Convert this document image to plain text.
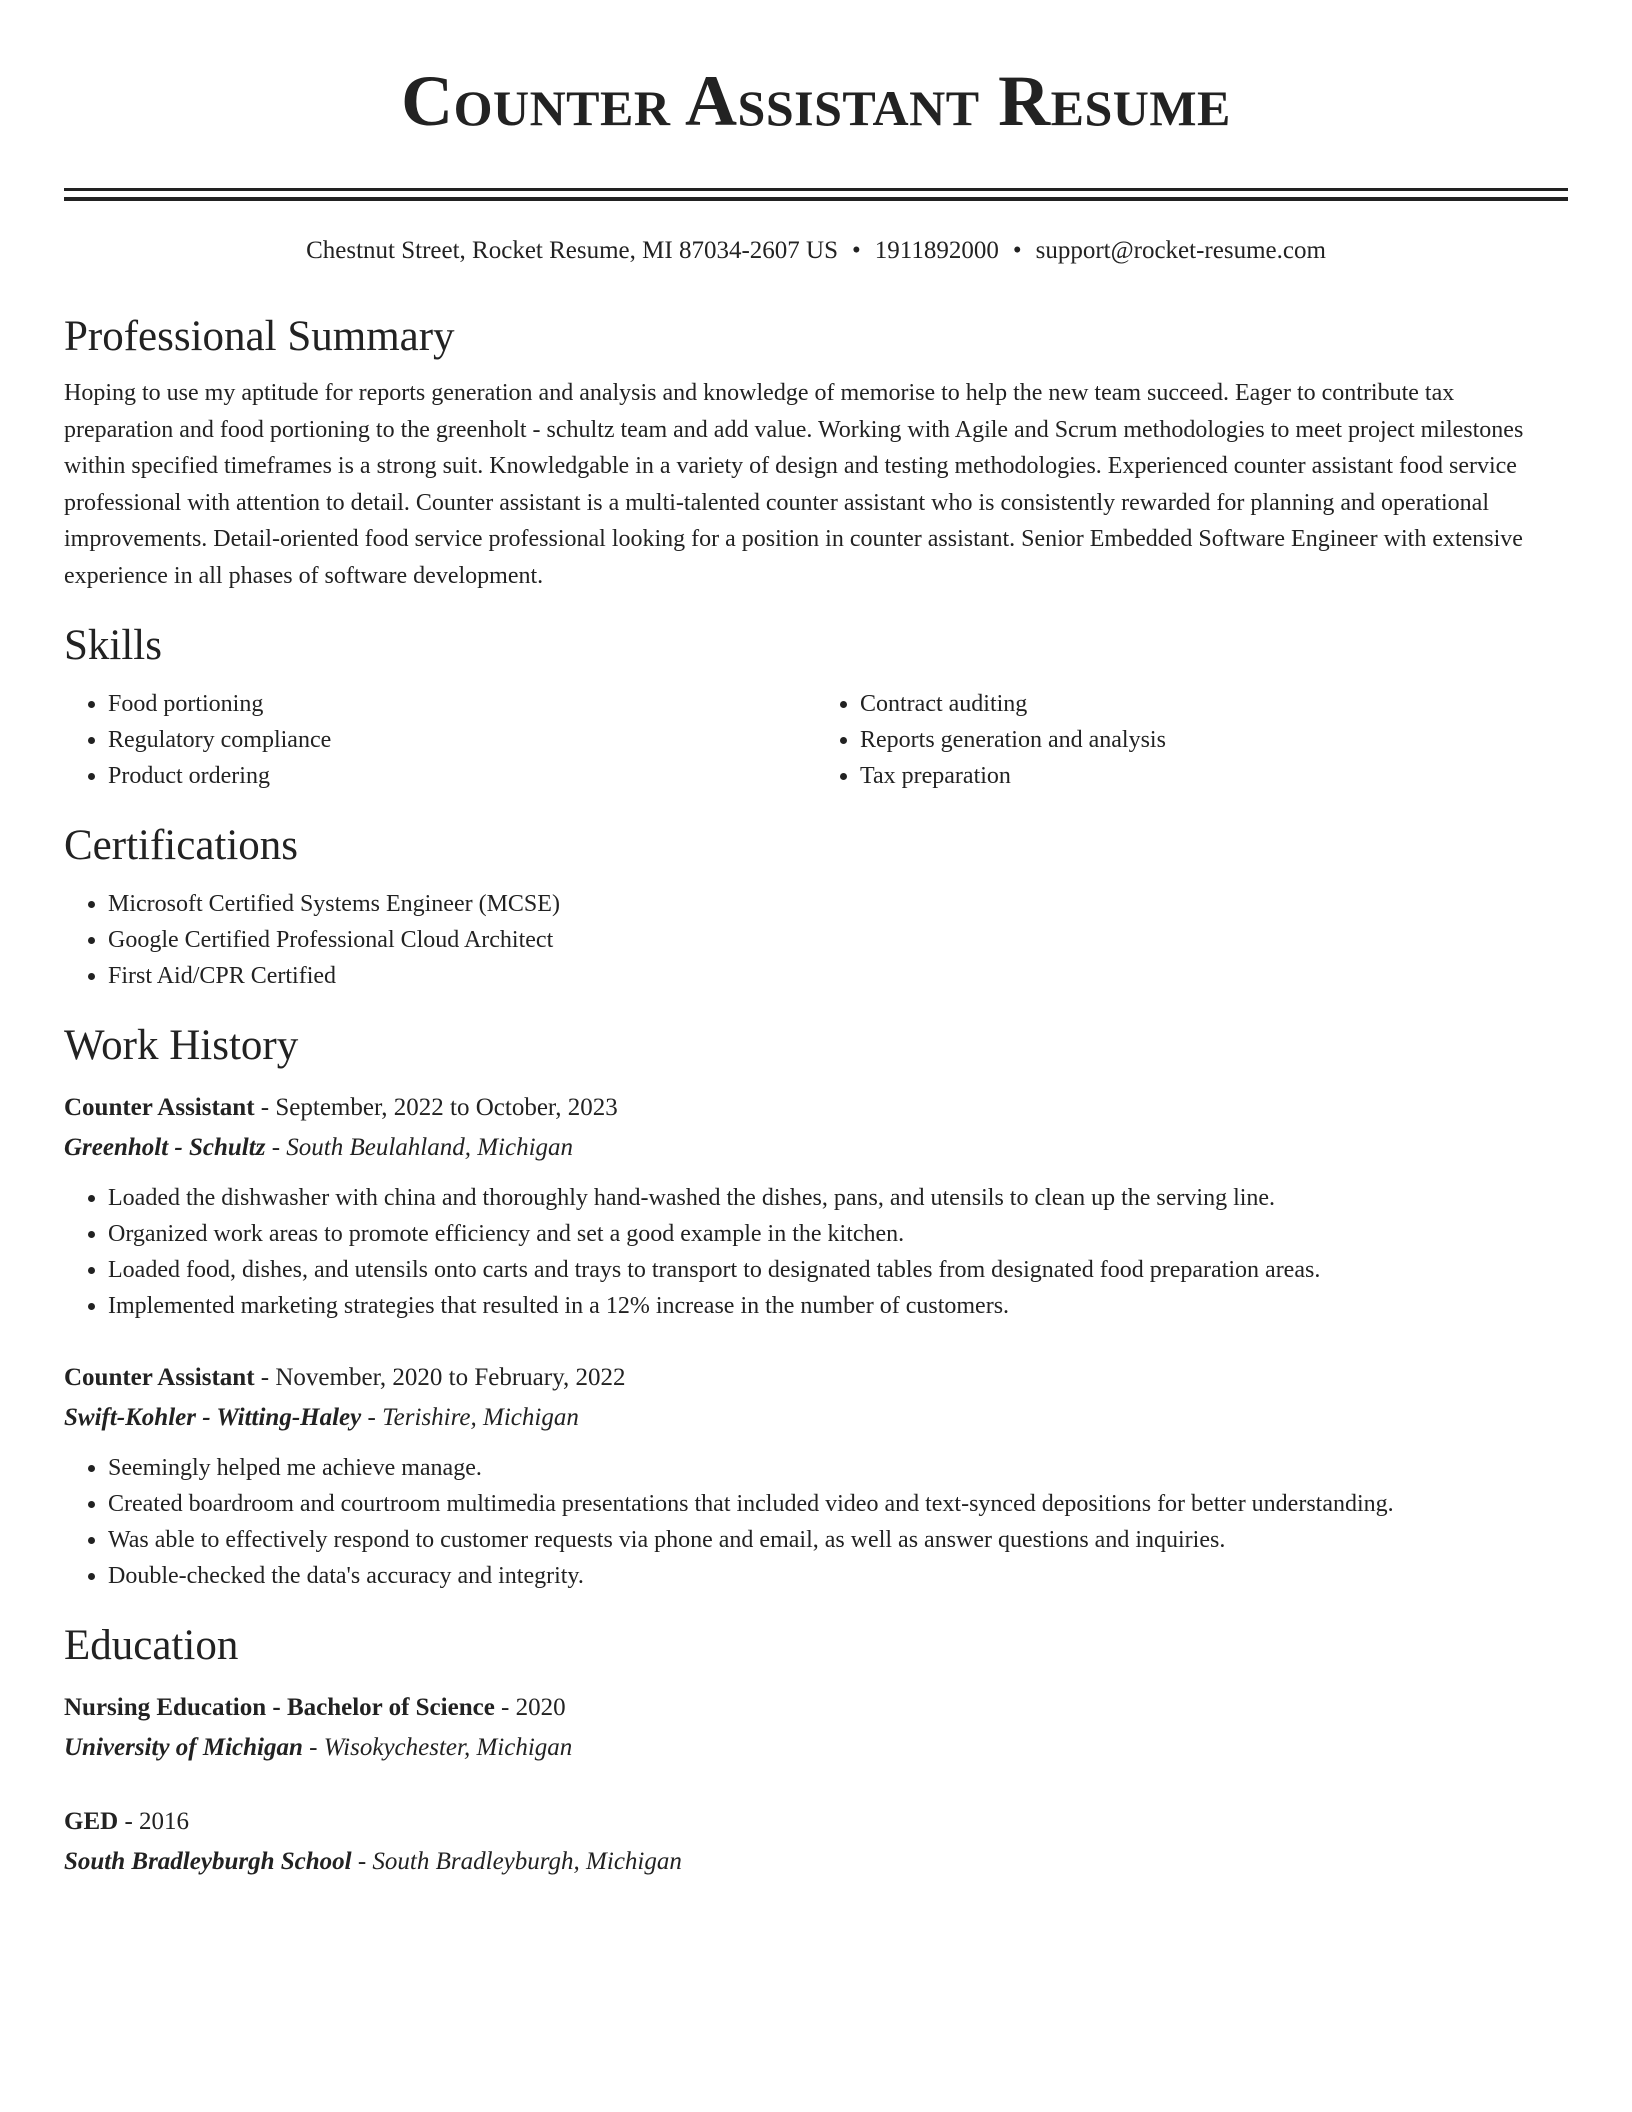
Counter Assistant Resume
Chestnut Street, Rocket Resume, MI 87034-2607 US • 1911892000 • support@rocket-resume.com
Professional Summary

Hoping to use my aptitude for reports generation and analysis and knowledge of memorise to help the new team succeed. Eager to contribute tax preparation and food portioning to the greenholt - schultz team and add value. Working with Agile and Scrum methodologies to meet project milestones within specified timeframes is a strong suit. Knowledgable in a variety of design and testing methodologies. Experienced counter assistant food service professional with attention to detail. Counter assistant is a multi-talented counter assistant who is consistently rewarded for planning and operational improvements. Detail-oriented food service professional looking for a position in counter assistant. Senior Embedded Software Engineer with extensive experience in all phases of software development.

Skills
• Food portioning
• Regulatory compliance
• Product ordering
• Contract auditing
• Reports generation and analysis
• Tax preparation
Certifications
• Microsoft Certified Systems Engineer (MCSE)
• Google Certified Professional Cloud Architect
• First Aid/CPR Certified
Work History
Counter Assistant - September, 2022 to October, 2023
Greenholt - Schultz - South Beulahland, Michigan
• Loaded the dishwasher with china and thoroughly hand-washed the dishes, pans, and utensils to clean up the serving line.
• Organized work areas to promote efficiency and set a good example in the kitchen.
• Loaded food, dishes, and utensils onto carts and trays to transport to designated tables from designated food preparation areas.
• Implemented marketing strategies that resulted in a 12% increase in the number of customers.
Counter Assistant - November, 2020 to February, 2022
Swift-Kohler - Witting-Haley - Terishire, Michigan
• Seemingly helped me achieve manage.
• Created boardroom and courtroom multimedia presentations that included video and text-synced depositions for better understanding.
• Was able to effectively respond to customer requests via phone and email, as well as answer questions and inquiries.
• Double-checked the data's accuracy and integrity.
Education
Nursing Education - Bachelor of Science - 2020
University of Michigan - Wisokychester, Michigan
GED - 2016
South Bradleyburgh School - South Bradleyburgh, Michigan
